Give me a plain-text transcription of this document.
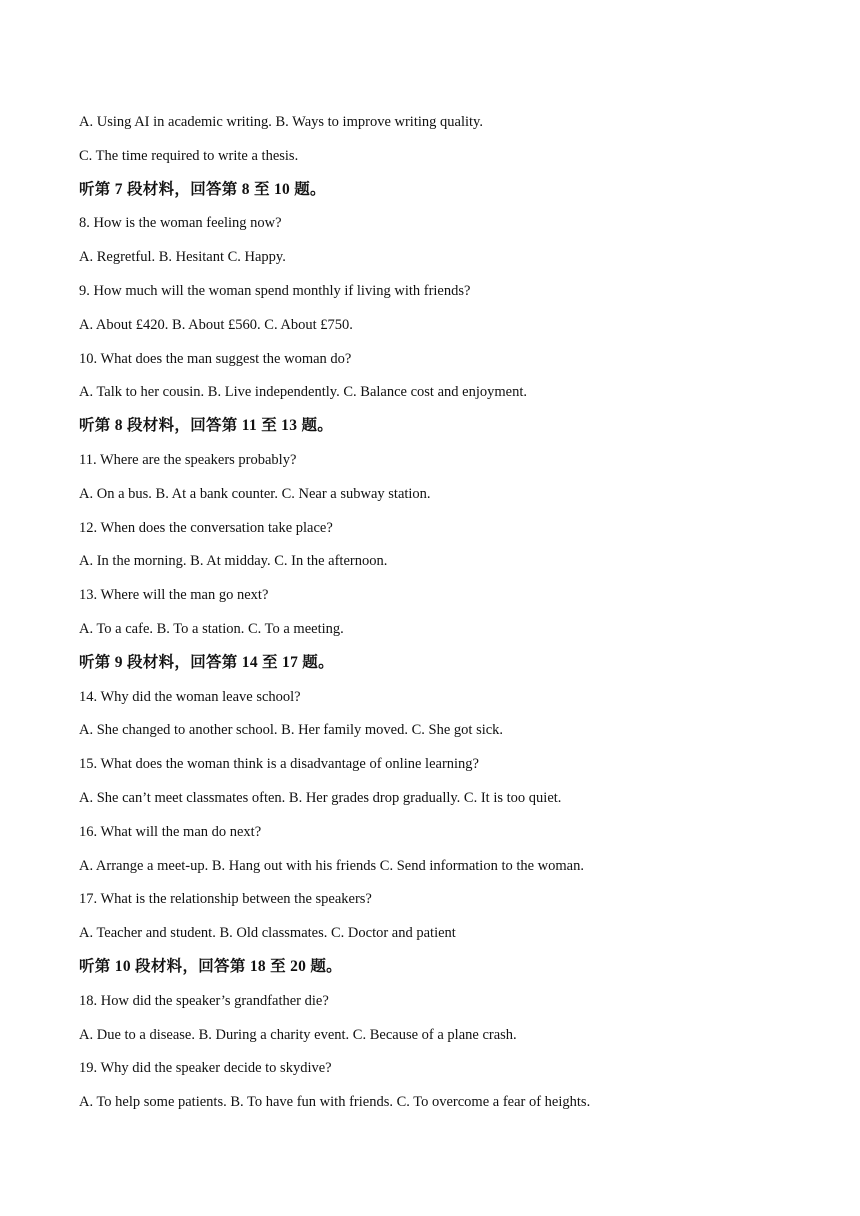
A. Using AI in academic writing. B. Ways to improve writing quality.
C. The time required to write a thesis.
听第 7 段材料，回答第 8 至 10 题。
8. How is the woman feeling now?
A. Regretful. B. Hesitant C. Happy.
9. How much will the woman spend monthly if living with friends?
A. About £420. B. About £560. C. About £750.
10. What does the man suggest the woman do?
A. Talk to her cousin. B. Live independently. C. Balance cost and enjoyment.
听第 8 段材料，回答第 11 至 13 题。
11. Where are the speakers probably?
A. On a bus. B. At a bank counter. C. Near a subway station.
12. When does the conversation take place?
A. In the morning. B. At midday. C. In the afternoon.
13. Where will the man go next?
A. To a cafe. B. To a station. C. To a meeting.
听第 9 段材料，回答第 14 至 17 题。
14. Why did the woman leave school?
A. She changed to another school. B. Her family moved. C. She got sick.
15. What does the woman think is a disadvantage of online learning?
A. She can’t meet classmates often. B. Her grades drop gradually. C. It is too quiet.
16. What will the man do next?
A. Arrange a meet-up. B. Hang out with his friends C. Send information to the woman.
17. What is the relationship between the speakers?
A. Teacher and student. B. Old classmates. C. Doctor and patient
听第 10 段材料，回答第 18 至 20 题。
18. How did the speaker’s grandfather die?
A. Due to a disease. B. During a charity event. C. Because of a plane crash.
19. Why did the speaker decide to skydive?
A. To help some patients. B. To have fun with friends. C. To overcome a fear of heights.
